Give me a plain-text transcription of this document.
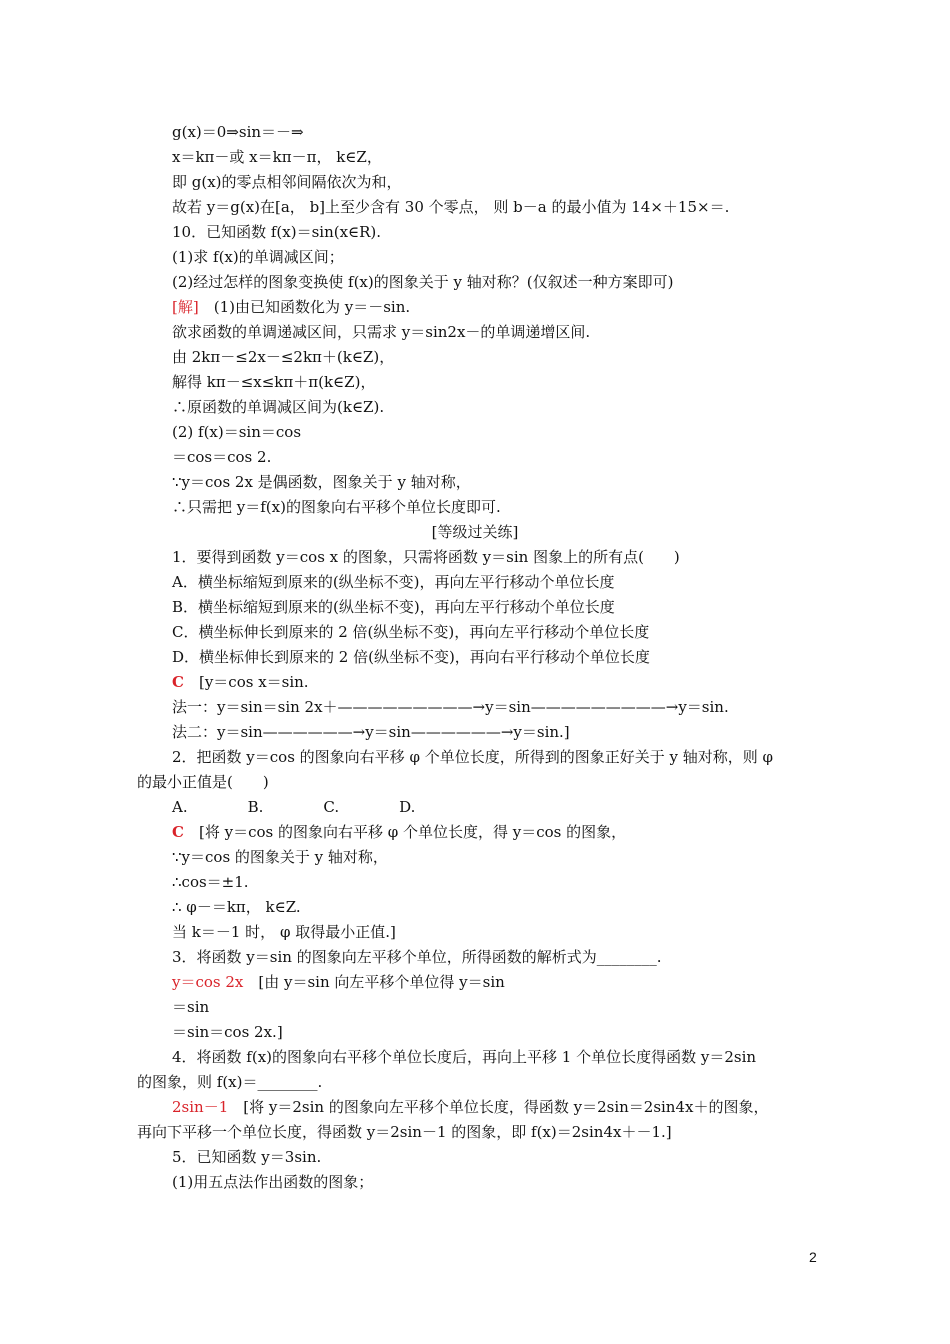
g(x)＝0⇒sin＝－⇒
x＝kπ－或 x＝kπ－π， k∈Z，
即 g(x)的零点相邻间隔依次为和，
故若 y＝g(x)在[a， b]上至少含有 30 个零点， 则 b－a 的最小值为 14×＋15×＝.
10．已知函数 f(x)＝sin(x∈R).
(1)求 f(x)的单调减区间；
(2)经过怎样的图象变换使 f(x)的图象关于 y 轴对称？(仅叙述一种方案即可)
[解]　 (1)由已知函数化为 y＝－sin.
欲求函数的单调递减区间，只需求 y＝sin2x－的单调递增区间.
由 2kπ－≤2x－≤2kπ＋(k∈Z)，
解得 kπ－≤x≤kπ＋π(k∈Z)，
∴原函数的单调减区间为(k∈Z).
(2) f(x)＝sin＝cos
＝cos＝cos 2.
∵y＝cos 2x 是偶函数，图象关于 y 轴对称，
∴只需把 y＝f(x)的图象向右平移个单位长度即可.
[等级过关练]
1．要得到函数 y＝cos x 的图象，只需将函数 y＝sin 图象上的所有点(　　)
A．横坐标缩短到原来的(纵坐标不变)，再向左平行移动个单位长度
B．横坐标缩短到原来的(纵坐标不变)，再向左平行移动个单位长度
C．横坐标伸长到原来的 2 倍(纵坐标不变)，再向左平行移动个单位长度
D．横坐标伸长到原来的 2 倍(纵坐标不变)，再向右平行移动个单位长度
C　 [y＝cos x＝sin.
法一：y＝sin＝sin 2x＋—————————→y＝sin—————————→y＝sin.
法二：y＝sin——————→y＝sin——————→y＝sin.]
2．把函数 y＝cos 的图象向右平移 φ 个单位长度，所得到的图象正好关于 y 轴对称，则 φ
的最小正值是(　　)
A.	B.	C.	D.
C　 [将 y＝cos 的图象向右平移 φ 个单位长度，得 y＝cos 的图象，
∵y＝cos 的图象关于 y 轴对称，
∴cos＝±1.
∴ φ－＝kπ， k∈Z.
当 k＝－1 时， φ 取得最小正值.]
3．将函数 y＝sin 的图象向左平移个单位，所得函数的解析式为________.
y＝cos 2x　 [由 y＝sin 向左平移个单位得 y＝sin
＝sin
＝sin＝cos 2x.]
4．将函数 f(x)的图象向右平移个单位长度后，再向上平移 1 个单位长度得函数 y＝2sin
的图象，则 f(x)＝________.
2sin－1　 [将 y＝2sin 的图象向左平移个单位长度，得函数 y＝2sin＝2sin4x＋的图象，
再向下平移一个单位长度，得函数 y＝2sin－1 的图象，即 f(x)＝2sin4x＋－1.]
5．已知函数 y＝3sin.
(1)用五点法作出函数的图象；
2
